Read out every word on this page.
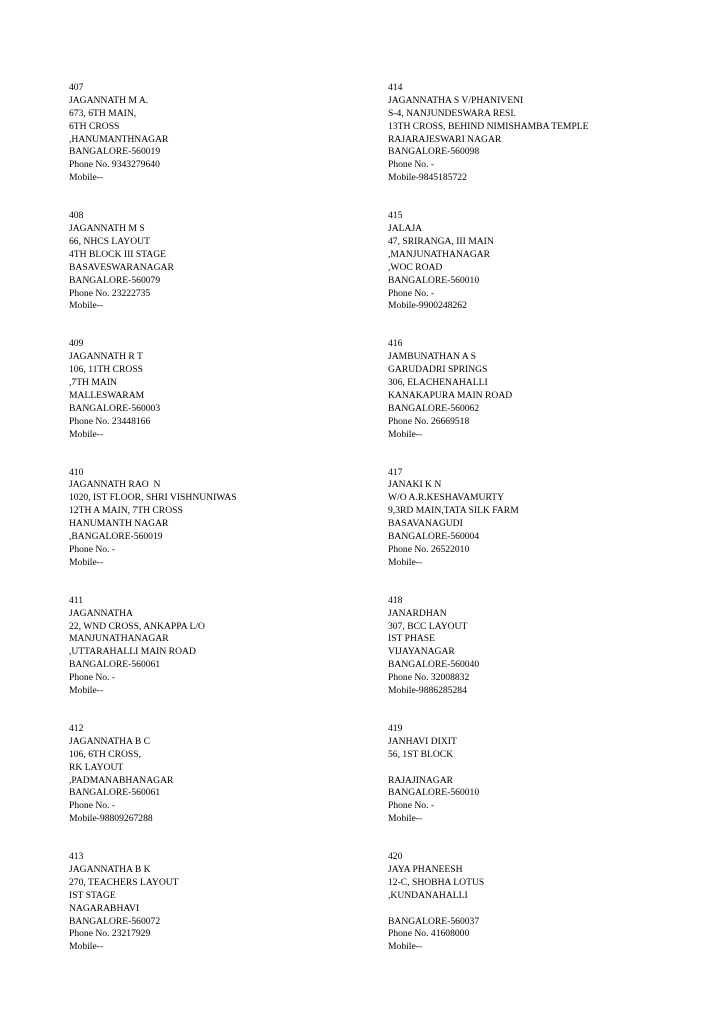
407
JAGANNATH M A.
673, 6TH MAIN,
6TH CROSS
,HANUMANTHNAGAR
BANGALORE-560019
Phone No. 9343279640
Mobile--
408
JAGANNATH M S
66, NHCS LAYOUT
4TH BLOCK III STAGE
BASAVESWARANAGAR
BANGALORE-560079
Phone No. 23222735
Mobile--
409
JAGANNATH R T
106, 11TH CROSS
,7TH MAIN
MALLESWARAM
BANGALORE-560003
Phone No. 23448166
Mobile--
410
JAGANNATH RAO  N
1020, IST FLOOR, SHRI VISHNUNIWAS
12TH A MAIN, 7TH CROSS
HANUMANTH NAGAR
,BANGALORE-560019
Phone No. -
Mobile--
411
JAGANNATHA
22, WND CROSS, ANKAPPA L/O
MANJUNATHANAGAR
,UTTARAHALLI MAIN ROAD
BANGALORE-560061
Phone No. -
Mobile--
412
JAGANNATHA B C
106, 6TH CROSS,
RK LAYOUT
,PADMANABHANAGAR
BANGALORE-560061
Phone No. -
Mobile-98809267288
413
JAGANNATHA B K
270, TEACHERS LAYOUT
IST STAGE
NAGARABHAVI
BANGALORE-560072
Phone No. 23217929
Mobile--
414
JAGANNATHA S V/PHANIVENI
S-4, NANJUNDESWARA RESI.
13TH CROSS, BEHIND NIMISHAMBA TEMPLE
RAJARAJESWARI NAGAR
BANGALORE-560098
Phone No. -
Mobile-9845185722
415
JALAJA
47, SRIRANGA, III MAIN
,MANJUNATHANAGAR
,WOC ROAD
BANGALORE-560010
Phone No. -
Mobile-9900248262
416
JAMBUNATHAN A S
GARUDADRI SPRINGS
306, ELACHENAHALLI
KANAKAPURA MAIN ROAD
BANGALORE-560062
Phone No. 26669518
Mobile--
417
JANAKI K N
W/O A.R.KESHAVAMURTY
9,3RD MAIN,TATA SILK FARM
BASAVANAGUDI
BANGALORE-560004
Phone No. 26522010
Mobile--
418
JANARDHAN
307, BCC LAYOUT
IST PHASE
VIJAYANAGAR
BANGALORE-560040
Phone No. 32008832
Mobile-9886285284
419
JANHAVI DIXIT
56, 1ST BLOCK
RAJAJINAGAR
BANGALORE-560010
Phone No. -
Mobile--
420
JAYA PHANEESH
12-C, SHOBHA LOTUS
,KUNDANAHALLI
BANGALORE-560037
Phone No. 41608000
Mobile--
